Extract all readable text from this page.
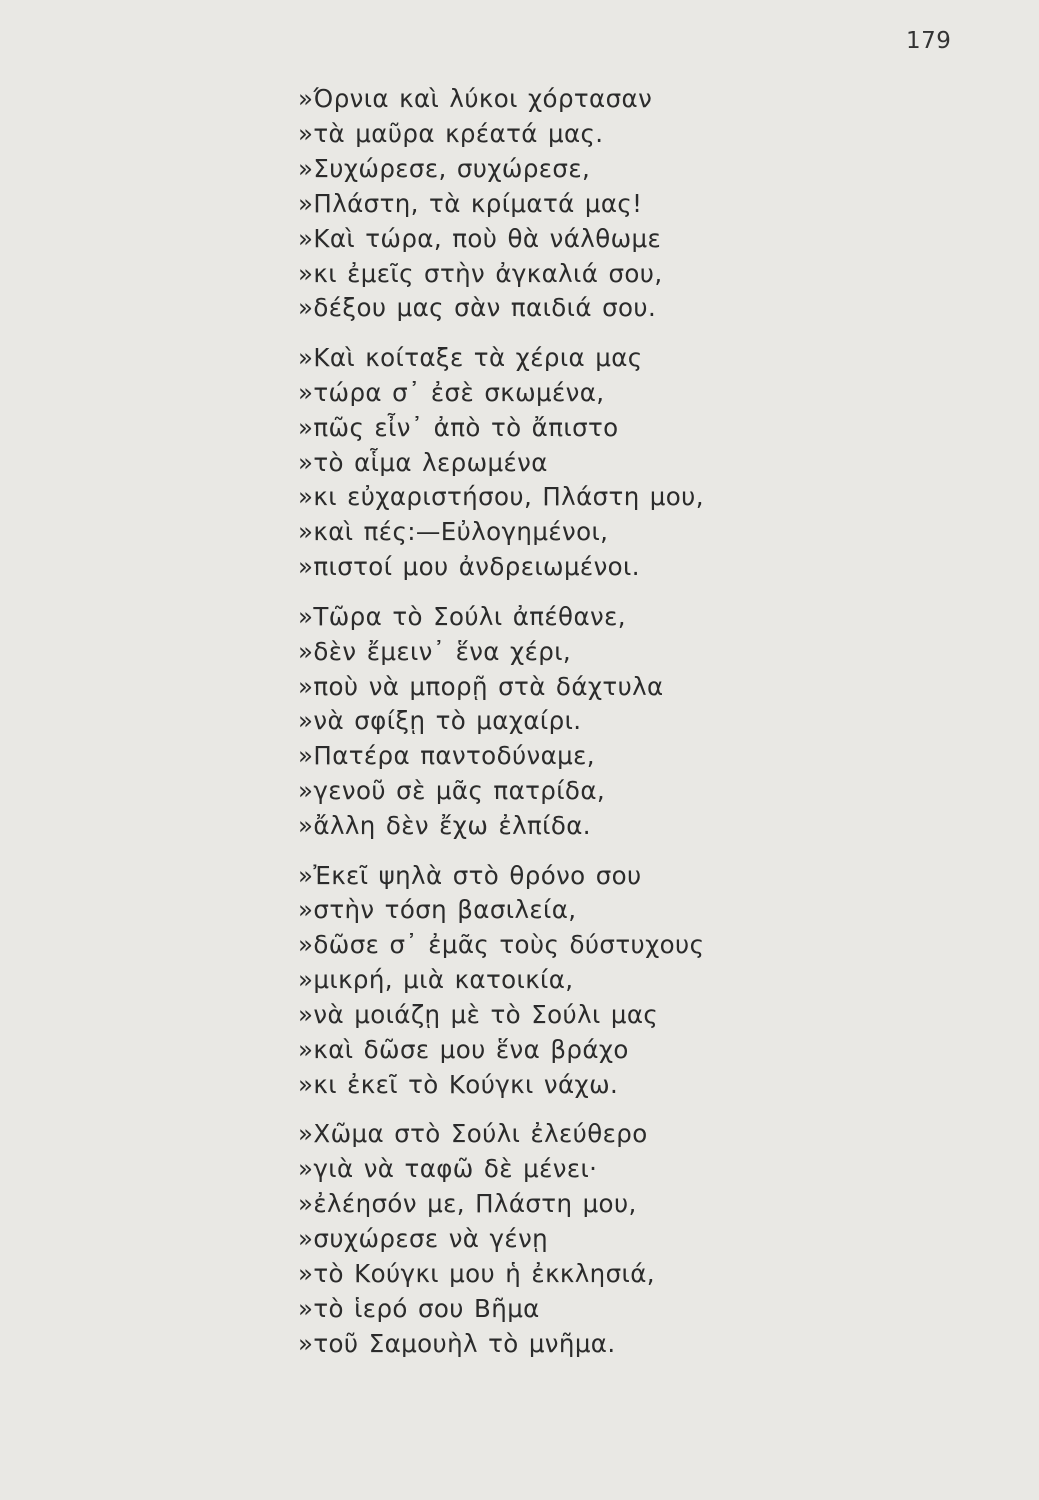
179
»Όρνια καὶ λύκοι χόρτασαν
»τὰ μαῦρα κρέατά μας.
»Συχώρεσε, συχώρεσε,
»Πλάστη, τὰ κρίματά μας!
»Καὶ τώρα, ποὺ θὰ νάλθωμε
»κι ἐμεῖς στὴν ἀγκαλιά σου,
»δέξου μας σὰν παιδιά σου.
»Καὶ κοίταξε τὰ χέρια μας
»τώρα σ᾽ ἐσὲ σκωμένα,
»πῶς εἶν᾽ ἀπὸ τὸ ἄπιστο
»τὸ αἷμα λερωμένα
»κι εὐχαριστήσου, Πλάστη μου,
»καὶ πές:—Εὐλογημένοι,
»πιστοί μου ἀνδρειωμένοι.
»Τῶρα τὸ Σούλι ἀπέθανε,
»δὲν ἔμειν᾽ ἕνα χέρι,
»ποὺ νὰ μπορῇ στὰ δάχτυλα
»νὰ σφίξῃ τὸ μαχαίρι.
»Πατέρα παντοδύναμε,
»γενοῦ σὲ μᾶς πατρίδα,
»ἄλλη δὲν ἔχω ἐλπίδα.
»Ἐκεῖ ψηλὰ στὸ θρόνο σου
»στὴν τόση βασιλεία,
»δῶσε σ᾽ ἐμᾶς τοὺς δύστυχους
»μικρή, μιὰ κατοικία,
»νὰ μοιάζῃ μὲ τὸ Σούλι μας
»καὶ δῶσε μου ἕνα βράχο
»κι ἐκεῖ τὸ Κούγκι νάχω.
»Χῶμα στὸ Σούλι ἐλεύθερο
»γιὰ νὰ ταφῶ δὲ μένει·
»ἐλέησόν με, Πλάστη μου,
»συχώρεσε νὰ γένῃ
»τὸ Κούγκι μου ἡ ἐκκλησιά,
»τὸ ἱερό σου Βῆμα
»τοῦ Σαμουὴλ τὸ μνῆμα.
